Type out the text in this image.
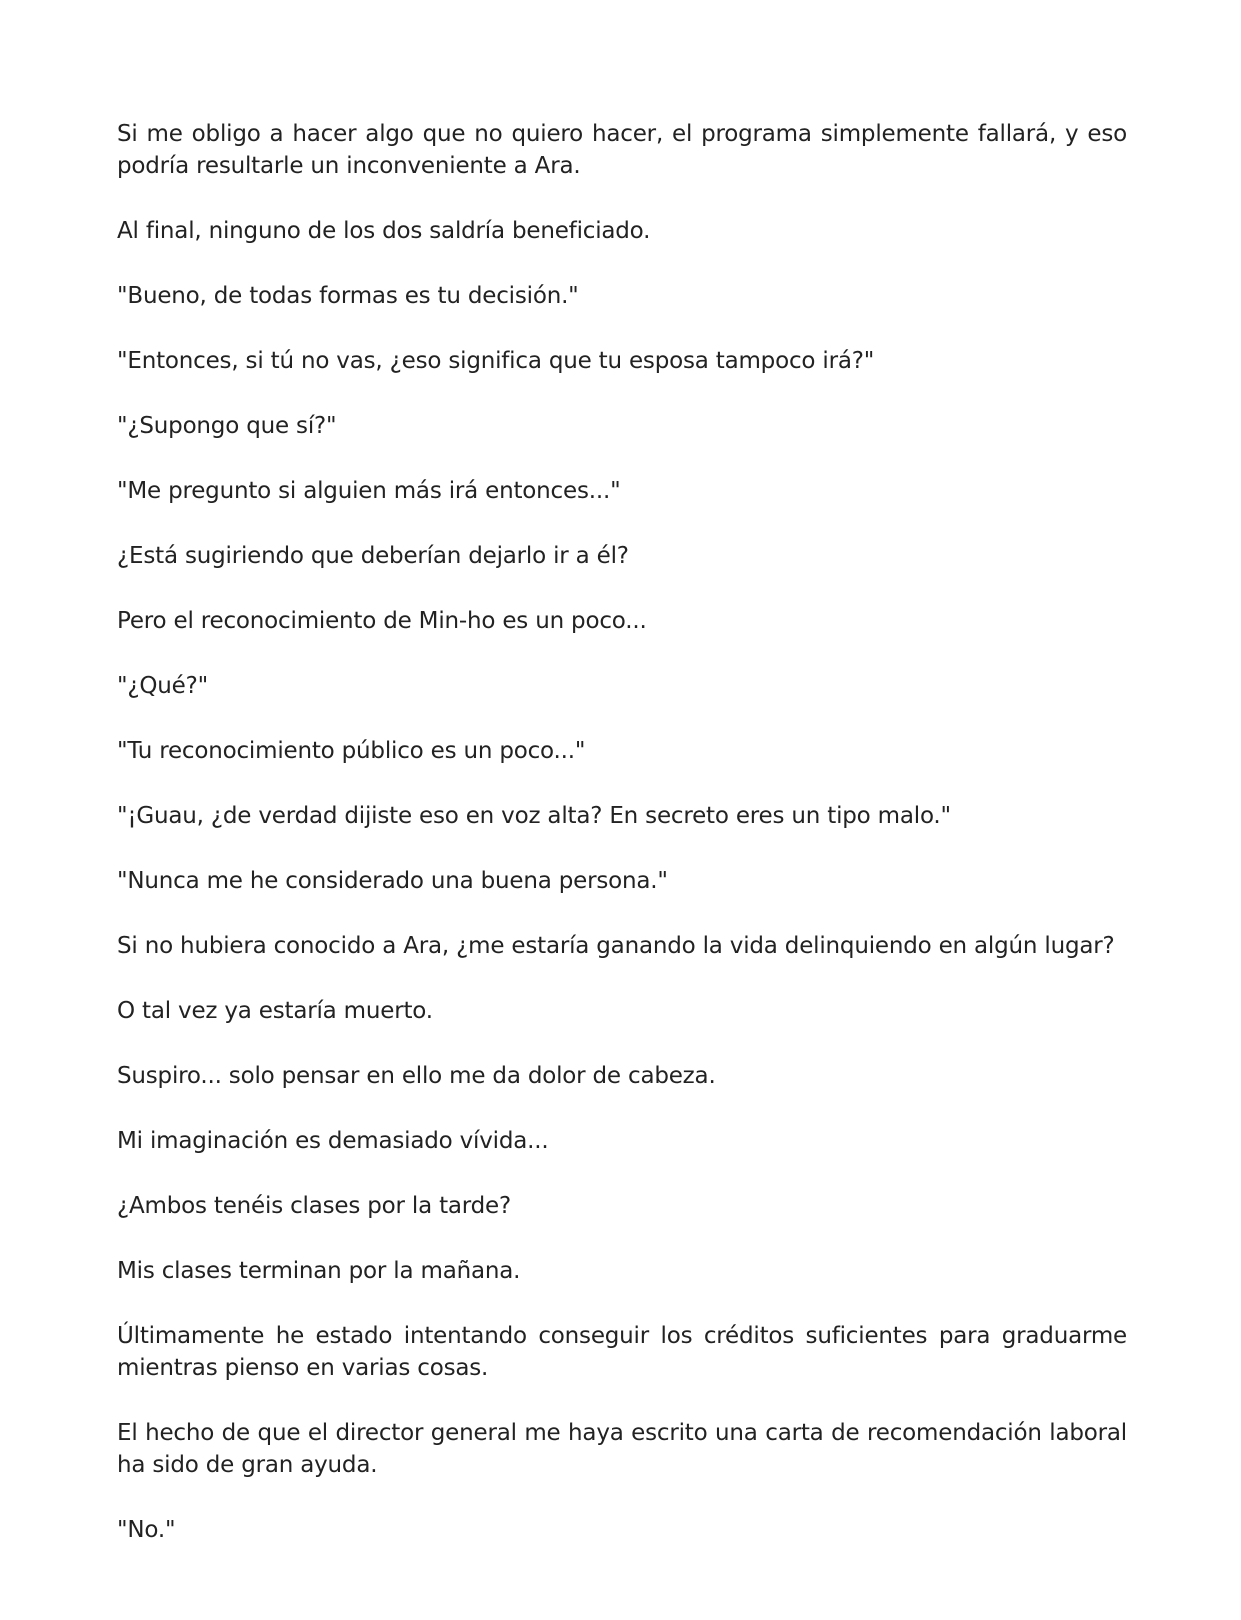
Si me obligo a hacer algo que no quiero hacer, el programa simplemente fallará, y eso podría resultarle un inconveniente a Ara.

Al final, ninguno de los dos saldría beneficiado.

"Bueno, de todas formas es tu decisión."

"Entonces, si tú no vas, ¿eso significa que tu esposa tampoco irá?"

"¿Supongo que sí?"

"Me pregunto si alguien más irá entonces..."

¿Está sugiriendo que deberían dejarlo ir a él?

Pero el reconocimiento de Min-ho es un poco...

"¿Qué?"

"Tu reconocimiento público es un poco..."

"¡Guau, ¿de verdad dijiste eso en voz alta? En secreto eres un tipo malo."

"Nunca me he considerado una buena persona."

Si no hubiera conocido a Ara, ¿me estaría ganando la vida delinquiendo en algún lugar?

O tal vez ya estaría muerto.

Suspiro... solo pensar en ello me da dolor de cabeza.

Mi imaginación es demasiado vívida...

¿Ambos tenéis clases por la tarde?

Mis clases terminan por la mañana.

Últimamente he estado intentando conseguir los créditos suficientes para graduarme mientras pienso en varias cosas.

El hecho de que el director general me haya escrito una carta de recomendación laboral ha sido de gran ayuda.

"No."
